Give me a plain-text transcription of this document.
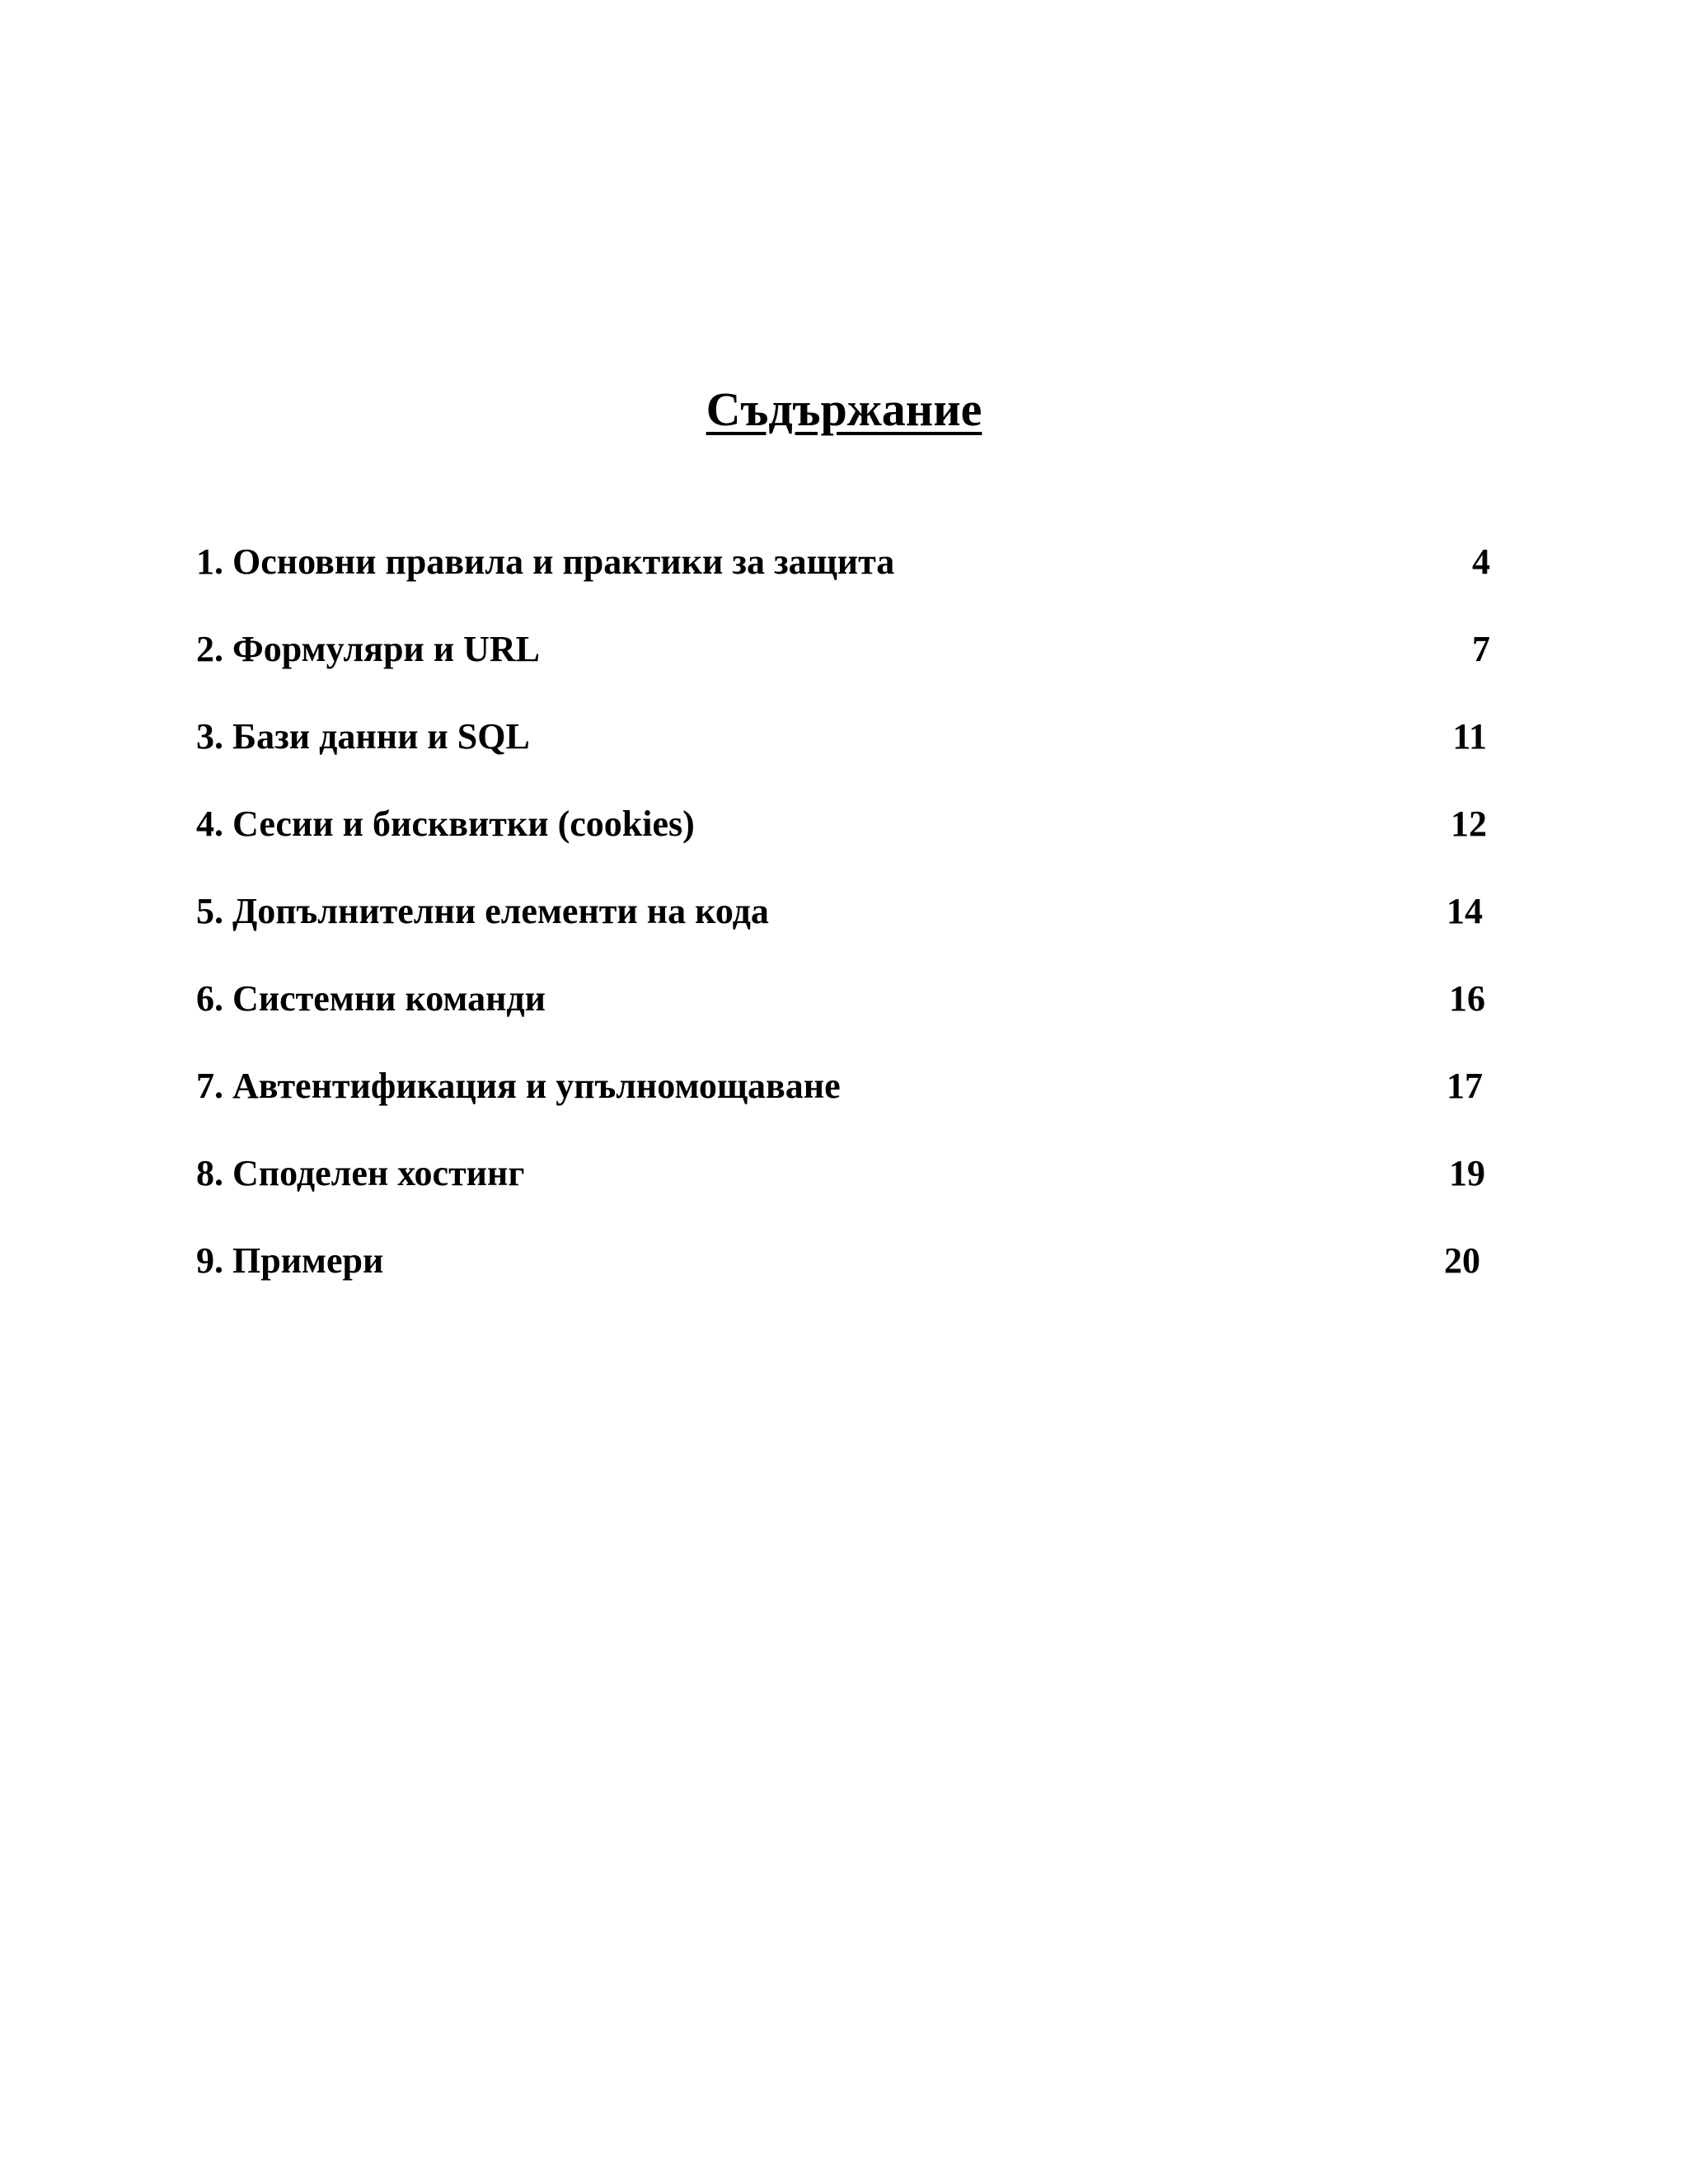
Съдържание
1. Основни правила и практики за защита	4
2. Формуляри и URL	7
3. Бази данни и SQL	11
4. Сесии и бисквитки (cookies)	12
5. Допълнителни елементи на кода	14
6. Системни команди	16
7. Автентификация и упълномощаване	17
8. Споделен хостинг	19
9. Примери	20
